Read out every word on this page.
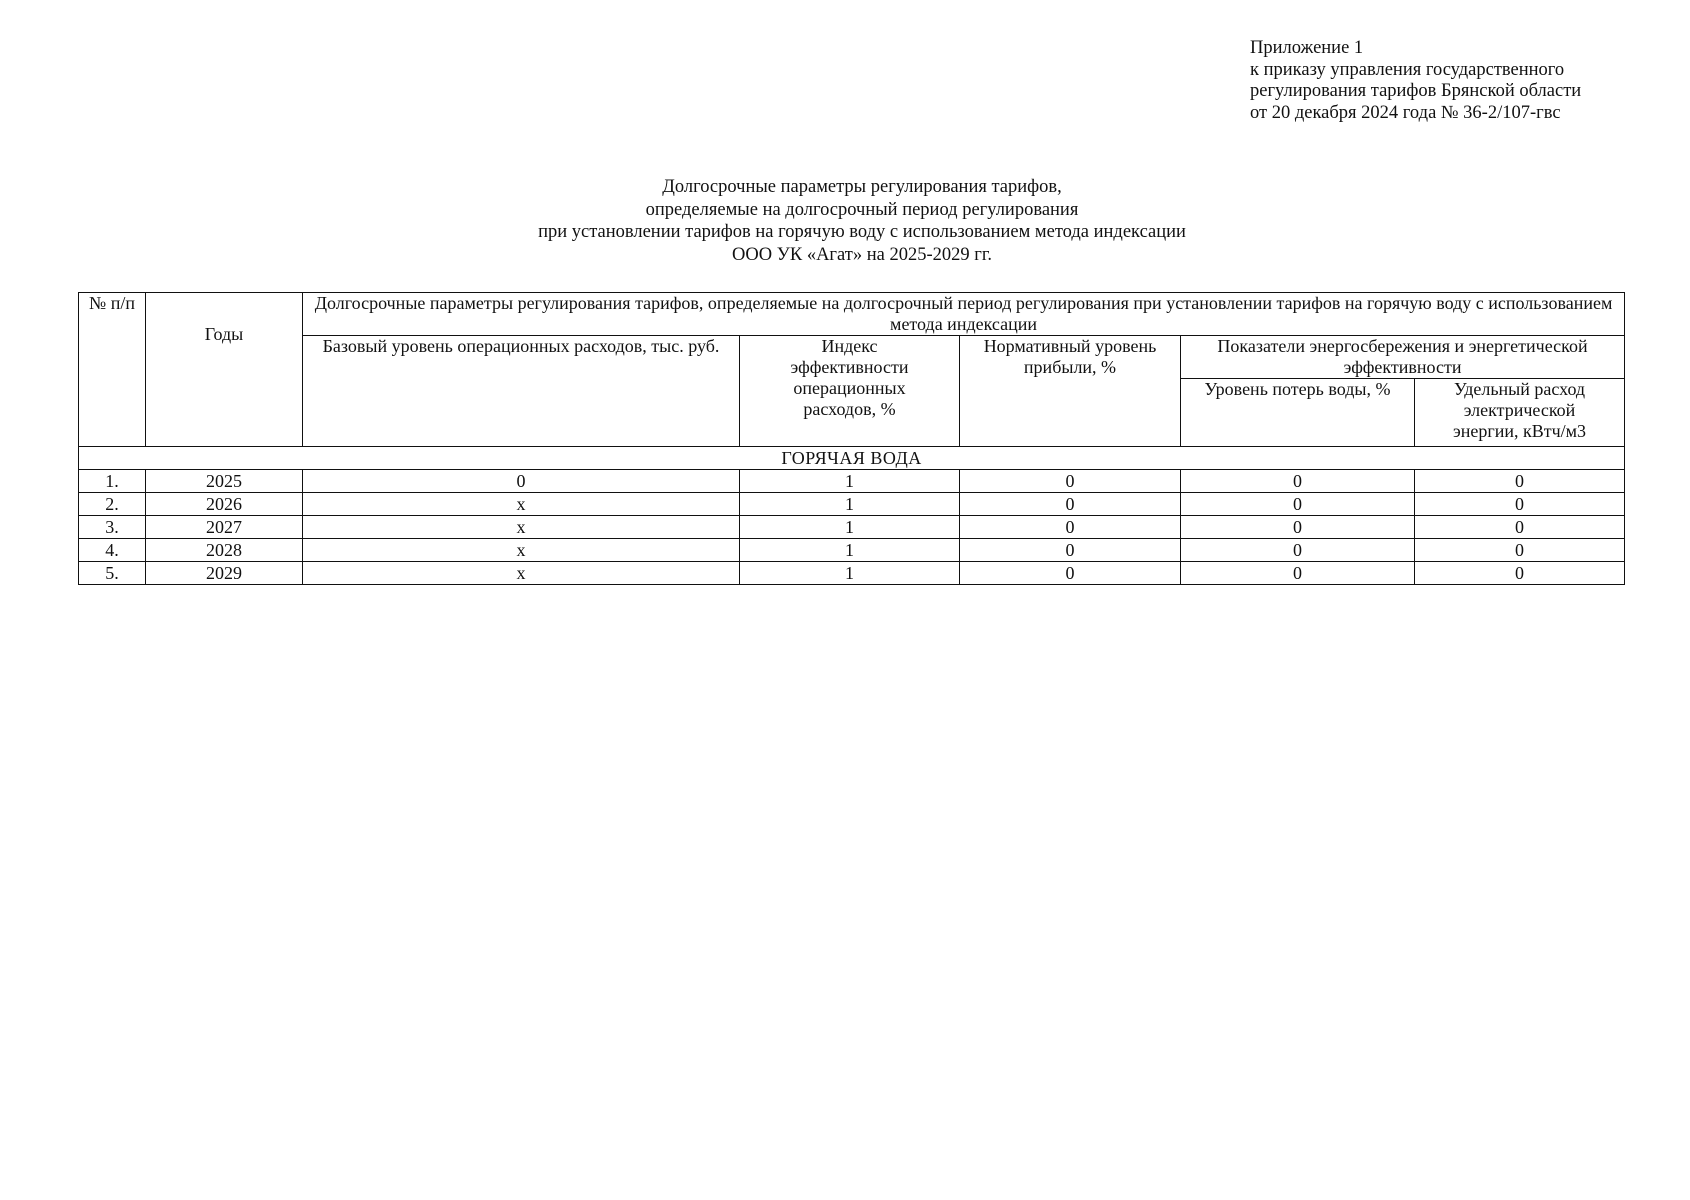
Приложение 1
к приказу управления государственного
регулирования тарифов Брянской области
от 20 декабря 2024 года № 36-2/107-гвс
Долгосрочные параметры регулирования тарифов,
определяемые на долгосрочный период регулирования
при установлении тарифов на горячую воду с использованием метода индексации
ООО УК «Агат» на 2025-2029 гг.
№ п/п	Годы	Долгосрочные параметры регулирования тарифов, определяемые на долгосрочный период регулирования при установлении тарифов на горячую воду с использованием метода индексации				
		Базовый уровень операционных расходов, тыс. руб.	Индекс эффективности операционных расходов, %	Нормативный уровень прибыли, %	Показатели энергосбережения и энергетической эффективности	
					Уровень потерь воды, %	Удельный расход электрической энергии, кВтч/м3
ГОРЯЧАЯ ВОДА						
1.	2025	0	1	0	0	0
2.	2026	x	1	0	0	0
3.	2027	x	1	0	0	0
4.	2028	x	1	0	0	0
5.	2029	x	1	0	0	0
